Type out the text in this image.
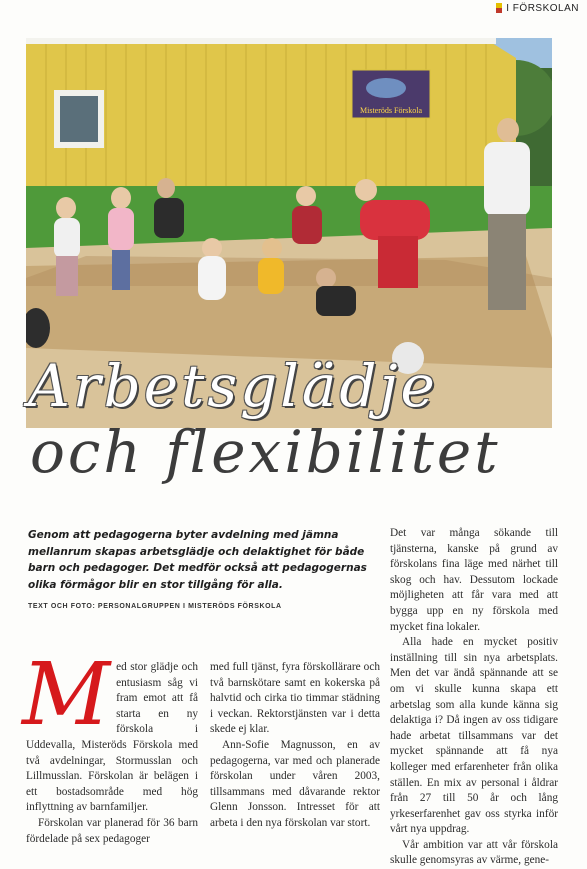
I FÖRSKOLAN
Misteröds Förskola
Arbetsglädje
och flexibilitet
Genom att pedagogerna byter avdelning med jämna mellanrum skapas arbetsglädje och delaktighet för både barn och pedagoger. Det medför också att pedagogernas olika förmågor blir en stor tillgång för alla.
TEXT OCH FOTO: PERSONALGRUPPEN I MISTERÖDS FÖRSKOLA
M ed stor glädje och entusiasm såg vi fram emot att få starta en ny förskola i Uddevalla, Misteröds Förskola med två avdelningar, Stormusslan och Lillmusslan. Förskolan är belägen i ett bostadsområde med hög inflyttning av barnfamiljer.

Förskolan var planerad för 36 barn fördelade på sex pedagoger

med full tjänst, fyra förskollärare och två barnskötare samt en kokerska på halvtid och cirka tio timmar städning i veckan. Rektorstjänsten var i detta skede ej klar.

Ann-Sofie Magnusson, en av pedagogerna, var med och planerade förskolan under våren 2003, tillsammans med dåvarande rektor Glenn Jonsson. Intresset för att arbeta i den nya förskolan var stort.

Det var många sökande till tjänsterna, kanske på grund av förskolans fina läge med närhet till skog och hav. Dessutom lockade möjligheten att får vara med att bygga upp en ny förskola med mycket fina lokaler.

Alla hade en mycket positiv inställning till sin nya arbetsplats. Men det var ändå spännande att se om vi skulle kunna skapa ett arbetslag som alla kunde känna sig delaktiga i? Då ingen av oss tidigare hade arbetat tillsammans var det mycket spännande att få nya kolleger med erfarenheter från olika ställen. En mix av personal i åldrar från 27 till 50 år och lång yrkeserfarenhet gav oss styrka inför vårt nya uppdrag.

Vår ambition var att vår förskola skulle genomsyras av värme, gene-
